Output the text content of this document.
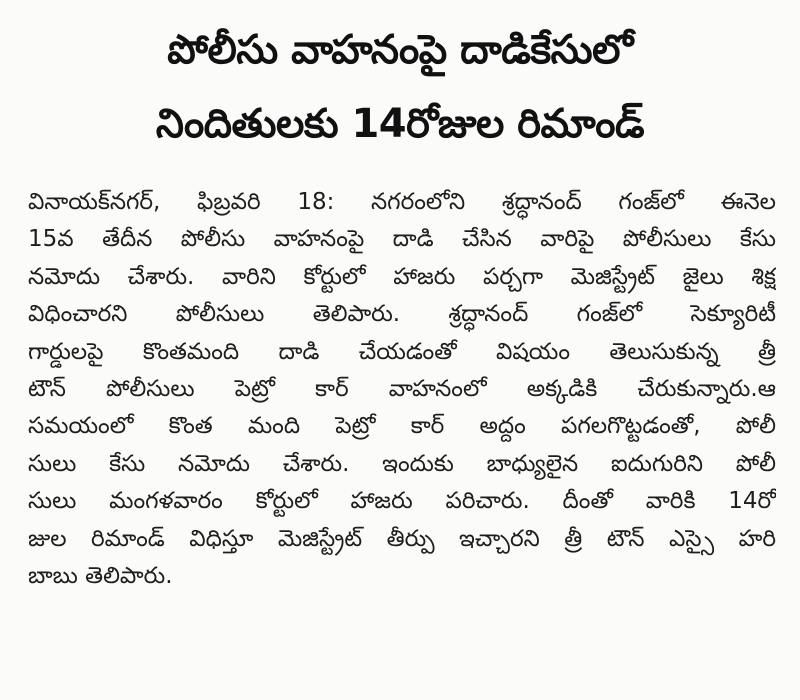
పోలీసు వాహనంపై దాడికేసులో
నిందితులకు 14రోజుల రిమాండ్
వినాయక్‌నగర్, ఫిబ్రవరి 18: నగరంలోని శ్రద్ధానంద్ గంజ్‌లో ఈనెల
15వ తేదీన పోలీసు వాహనంపై దాడి చేసిన వారిపై పోలీసులు కేసు
నమోదు చేశారు. వారిని కోర్టులో హాజరు పర్చగా మెజిస్ట్రేట్ జైలు శిక్ష
విధించారని పోలీసులు తెలిపారు. శ్రద్ధానంద్ గంజ్‌లో సెక్యూరిటీ
గార్డులపై కొంతమంది దాడి చేయడంతో విషయం తెలుసుకున్న త్రీ
టౌన్ పోలీసులు పెట్రో కార్ వాహనంలో అక్కడికి చేరుకున్నారు.ఆ
సమయంలో కొంత మంది పెట్రో కార్ అద్దం పగలగొట్టడంతో, పోలీ
సులు కేసు నమోదు చేశారు. ఇందుకు బాధ్యులైన ఐదుగురిని పోలీ
సులు మంగళవారం కోర్టులో హాజరు పరిచారు. దీంతో వారికి 14రో
జుల రిమాండ్ విధిస్తూ మెజిస్ట్రేట్ తీర్పు ఇచ్చారని త్రీ టౌన్ ఎస్సై హరి
బాబు తెలిపారు.
